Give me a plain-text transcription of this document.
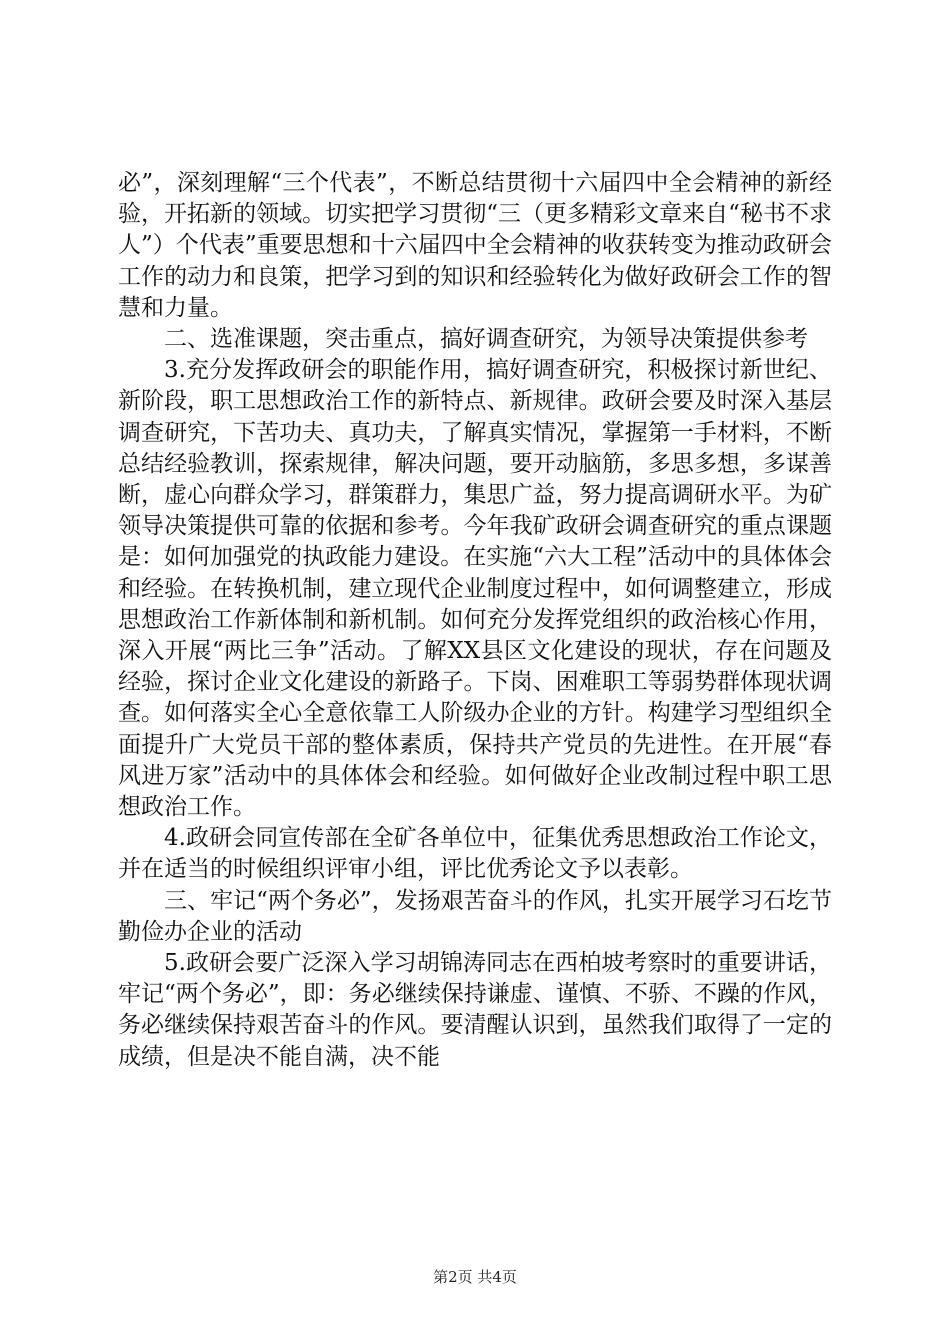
必”，深刻理解“三个代表”，不断总结贯彻十六届四中全会精神的新经验，开拓新的领域。切实把学习贯彻“三（更多精彩文章来自“秘书不求人”）个代表”重要思想和十六届四中全会精神的收获转变为推动政研会工作的动力和良策，把学习到的知识和经验转化为做好政研会工作的智慧和力量。

二、选准课题，突击重点，搞好调查研究，为领导决策提供参考

3.充分发挥政研会的职能作用，搞好调查研究，积极探讨新世纪、新阶段，职工思想政治工作的新特点、新规律。政研会要及时深入基层调查研究，下苦功夫、真功夫，了解真实情况，掌握第一手材料，不断总结经验教训，探索规律，解决问题，要开动脑筋，多思多想，多谋善断，虚心向群众学习，群策群力，集思广益，努力提高调研水平。为矿领导决策提供可靠的依据和参考。今年我矿政研会调查研究的重点课题是：如何加强党的执政能力建设。在实施“六大工程”活动中的具体体会和经验。在转换机制，建立现代企业制度过程中，如何调整建立，形成思想政治工作新体制和新机制。如何充分发挥党组织的政治核心作用，深入开展“两比三争”活动。了解XX县区文化建设的现状，存在问题及经验，探讨企业文化建设的新路子。下岗、困难职工等弱势群体现状调查。如何落实全心全意依靠工人阶级办企业的方针。构建学习型组织全面提升广大党员干部的整体素质，保持共产党员的先进性。在开展“春风进万家”活动中的具体体会和经验。如何做好企业改制过程中职工思想政治工作。

4.政研会同宣传部在全矿各单位中，征集优秀思想政治工作论文，并在适当的时候组织评审小组，评比优秀论文予以表彰。

三、牢记“两个务必”，发扬艰苦奋斗的作风，扎实开展学习石圪节勤俭办企业的活动

5.政研会要广泛深入学习胡锦涛同志在西柏坡考察时的重要讲话，牢记“两个务必”，即：务必继续保持谦虚、谨慎、不骄、不躁的作风，务必继续保持艰苦奋斗的作风。要清醒认识到，虽然我们取得了一定的成绩，但是决不能自满，决不能

第2页 共4页
